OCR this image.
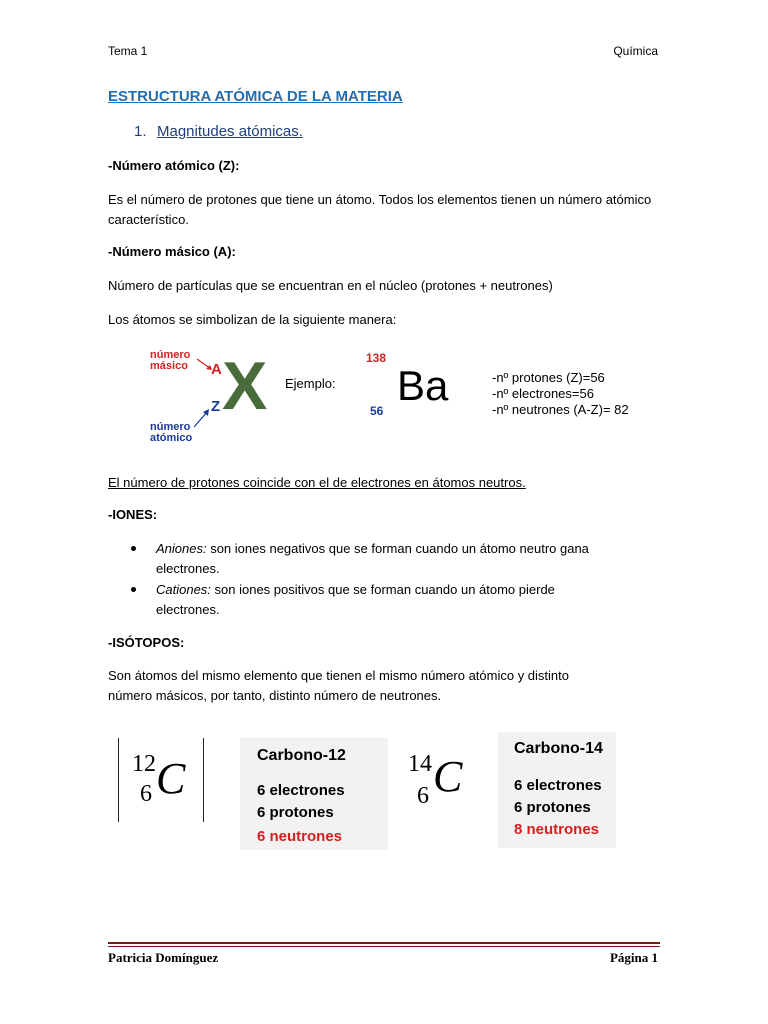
Tema 1	Química
ESTRUCTURA ATÓMICA DE LA MATERIA
1. Magnitudes atómicas.
-Número atómico (Z):
Es el número de protones que tiene un átomo. Todos los elementos tienen un número atómico característico.
-Número másico (A):
Número de partículas que se encuentran en el núcleo (protones + neutrones)
Los átomos se simbolizan de la siguiente manera:
número
másico A X
Z
número
atómico
Ejemplo:
138
Ba
56
-nº protones (Z)=56
-nº electrones=56
-nº neutrones (A-Z)= 82
El número de protones coincide con el de electrones en átomos neutros.
-IONES:
Aniones: son iones negativos que se forman cuando un átomo neutro gana
electrones.
Cationes: son iones positivos que se forman cuando un átomo pierde
electrones.
-ISÓTOPOS:
Son átomos del mismo elemento que tienen el mismo número atómico y distinto
número másicos, por tanto, distinto número de neutrones.
12
6 C	Carbono-12
6 electrones
6 protones
6 neutrones
14
6 C
Carbono-14
6 electrones
6 protones
8 neutrones
Patricia Domínguez	Página 1
